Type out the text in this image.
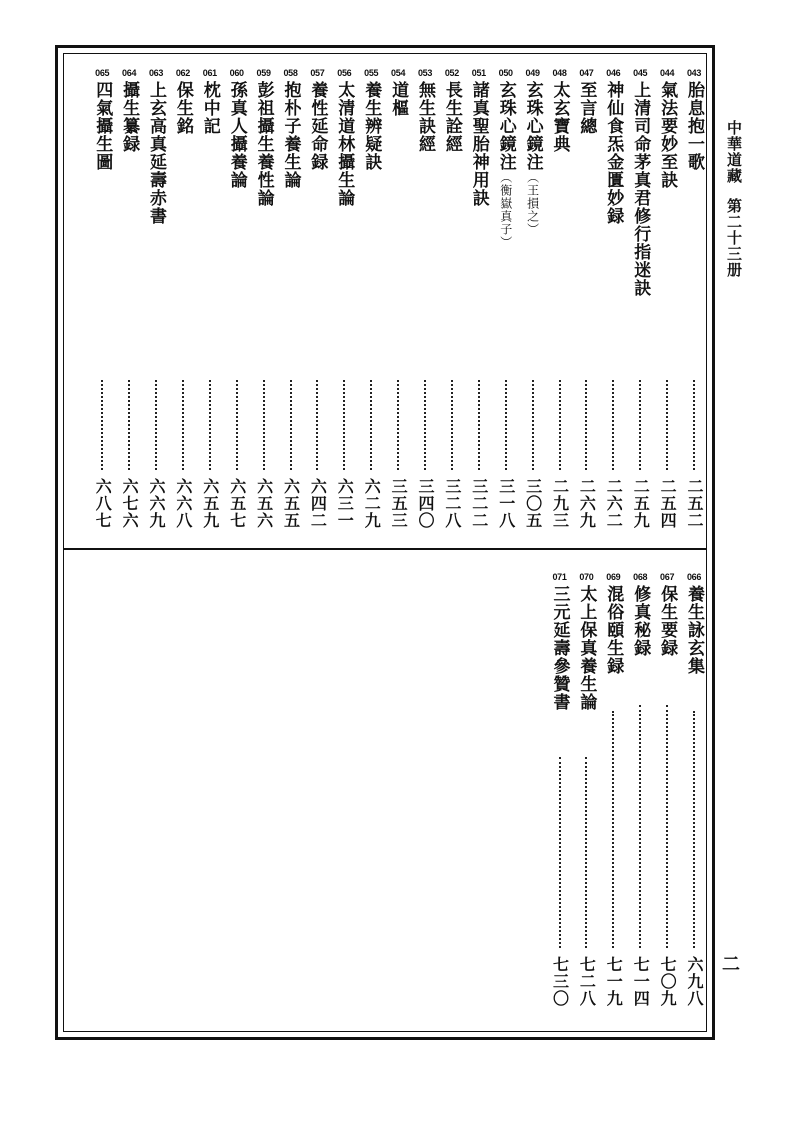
中華道藏 第二十三册
二
043
胎息抱一歌
二五二
044
氣法要妙至訣
二五四
045
上清司命茅真君修行指迷訣
二五九
046
神仙食炁金匱妙録
二六二
047
至言總
二六九
048
太玄寶典
二九三
049
玄珠心鏡注（王損之）
三〇五
050
玄珠心鏡注（衡嶽真子）
三一八
051
諸真聖胎神用訣
三二二
052
長生詮經
三二八
053
無生訣經
三四〇
054
道樞
三五三
055
養生辨疑訣
六二九
056
太清道林攝生論
六三一
057
養性延命録
六四二
058
抱朴子養生論
六五五
059
彭祖攝生養性論
六五六
060
孫真人攝養論
六五七
061
枕中記
六五九
062
保生銘
六六八
063
上玄高真延壽赤書
六六九
064
攝生纂録
六七六
065
四氣攝生圖
六八七
066
養生詠玄集
六九八
067
保生要録
七〇九
068
修真秘録
七一四
069
混俗頤生録
七一九
070
太上保真養生論
七二八
071
三元延壽參贊書
七三〇
